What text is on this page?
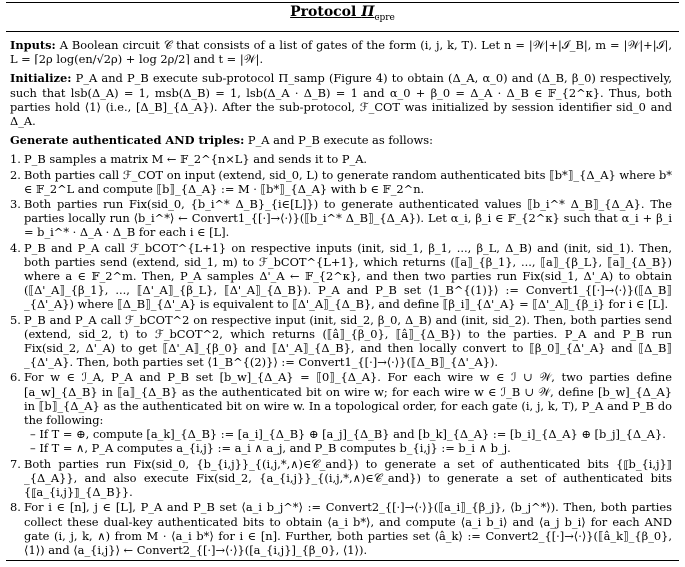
Protocol $\Pi_{cpre}$

Inputs: A Boolean circuit 𝒞 that consists of a list of gates of the form (i, j, k, T). Let n = |𝒲|+|ℐ_B|, m = |𝒲|+|ℐ|, L = ⌈2ρ log(en/√2ρ) + log 2ρ/2⌉ and t = |𝒲|.

Initialize: P_A and P_B execute sub-protocol Π_samp (Figure 4) to obtain (Δ_A, α_0) and (Δ_B, β_0) respectively, such that lsb(Δ_A) = 1, msb(Δ_B) = 1, lsb(Δ_A · Δ_B) = 1 and α_0 + β_0 = Δ_A · Δ_B ∈ 𝔽_{2^κ}. Thus, both parties hold ⟨1⟩ (i.e., [Δ_B]_{Δ_A}). After the sub-protocol, ℱ_COT was initialized by session identifier sid_0 and Δ_A.

Generate authenticated AND triples: P_A and P_B execute as follows:

1. P_B samples a matrix M ← 𝔽_2^{n×L} and sends it to P_A.
2. Both parties call ℱ_COT on input (extend, sid_0, L) to generate random authenticated bits ⟦b*⟧_{Δ_A} where b* ∈ 𝔽_2^L and compute ⟦b⟧_{Δ_A} := M · ⟦b*⟧_{Δ_A} with b ∈ 𝔽_2^n.
3. Both parties run Fix(sid_0, {b_i^* Δ_B}_{i∈[L]}) to generate authenticated values ⟦b_i^* Δ_B⟧_{Δ_A}. The parties locally run ⟨b_i^*⟩ ← Convert1_{[·]→⟨·⟩}(⟦b_i^* Δ_B⟧_{Δ_A}). Let α_i, β_i ∈ 𝔽_{2^κ} such that α_i + β_i = b_i^* · Δ_A · Δ_B for each i ∈ [L].
4. P_B and P_A call ℱ_bCOT^{L+1} on respective inputs (init, sid_1, β_1, ..., β_L, Δ_B) and (init, sid_1). Then, both parties send (extend, sid_1, m) to ℱ_bCOT^{L+1}, which returns (⟦a⟧_{β_1}, ..., ⟦a⟧_{β_L}, ⟦a⟧_{Δ_B}) where a ∈ 𝔽_2^m. Then, P_A samples Δ'_A ← 𝔽_{2^κ}, and then two parties run Fix(sid_1, Δ'_A) to obtain (⟦Δ'_A⟧_{β_1}, ..., ⟦Δ'_A⟧_{β_L}, ⟦Δ'_A⟧_{Δ_B}). P_A and P_B set ⟨1_B^{(1)}⟩ := Convert1_{[·]→⟨·⟩}(⟦Δ_B⟧_{Δ'_A}) where ⟦Δ_B⟧_{Δ'_A} is equivalent to ⟦Δ'_A⟧_{Δ_B}, and define ⟦β_i⟧_{Δ'_A} = ⟦Δ'_A⟧_{β_i} for i ∈ [L].
5. P_B and P_A call ℱ_bCOT^2 on respective input (init, sid_2, β_0, Δ_B) and (init, sid_2). Then, both parties send (extend, sid_2, t) to ℱ_bCOT^2, which returns (⟦â⟧_{β_0}, ⟦â⟧_{Δ_B}) to the parties. P_A and P_B run Fix(sid_2, Δ'_A) to get ⟦Δ'_A⟧_{β_0} and ⟦Δ'_A⟧_{Δ_B}, and then locally convert to ⟦β_0⟧_{Δ'_A} and ⟦Δ_B⟧_{Δ'_A}. Then, both parties set ⟨1_B^{(2)}⟩ := Convert1_{[·]→⟨·⟩}(⟦Δ_B⟧_{Δ'_A}).
6. For w ∈ ℐ_A, P_A and P_B set [b_w]_{Δ_A} = ⟦0⟧_{Δ_A}. For each wire w ∈ ℐ ∪ 𝒲, two parties define [a_w]_{Δ_B} in ⟦a⟧_{Δ_B} as the authenticated bit on wire w; for each wire w ∈ ℐ_B ∪ 𝒲, define [b_w]_{Δ_A} in ⟦b⟧_{Δ_A} as the authenticated bit on wire w. In a topological order, for each gate (i, j, k, T), P_A and P_B do the following:
– If T = ⊕, compute [a_k]_{Δ_B} := [a_i]_{Δ_B} ⊕ [a_j]_{Δ_B} and [b_k]_{Δ_A} := [b_i]_{Δ_A} ⊕ [b_j]_{Δ_A}.
– If T = ∧, P_A computes a_{i,j} := a_i ∧ a_j, and P_B computes b_{i,j} := b_i ∧ b_j.
7. Both parties run Fix(sid_0, {b_{i,j}}_{(i,j,*,∧)∈𝒞_and}) to generate a set of authenticated bits {⟦b_{i,j}⟧_{Δ_A}}, and also execute Fix(sid_2, {a_{i,j}}_{(i,j,*,∧)∈𝒞_and}) to generate a set of authenticated bits {⟦a_{i,j}⟧_{Δ_B}}.
8. For i ∈ [n], j ∈ [L], P_A and P_B set ⟨a_i b_j^*⟩ := Convert2_{[·]→⟨·⟩}(⟦a_i⟧_{β_j}, ⟨b_j^*⟩). Then, both parties collect these dual-key authenticated bits to obtain ⟨a_i b*⟩, and compute ⟨a_i b_i⟩ and ⟨a_j b_i⟩ for each AND gate (i, j, k, ∧) from M · ⟨a_i b*⟩ for i ∈ [n]. Further, both parties set ⟨â_k⟩ := Convert2_{[·]→⟨·⟩}(⟦â_k⟧_{β_0}, ⟨1⟩) and ⟨a_{i,j}⟩ ← Convert2_{[·]→⟨·⟩}([a_{i,j}]_{β_0}, ⟨1⟩).
